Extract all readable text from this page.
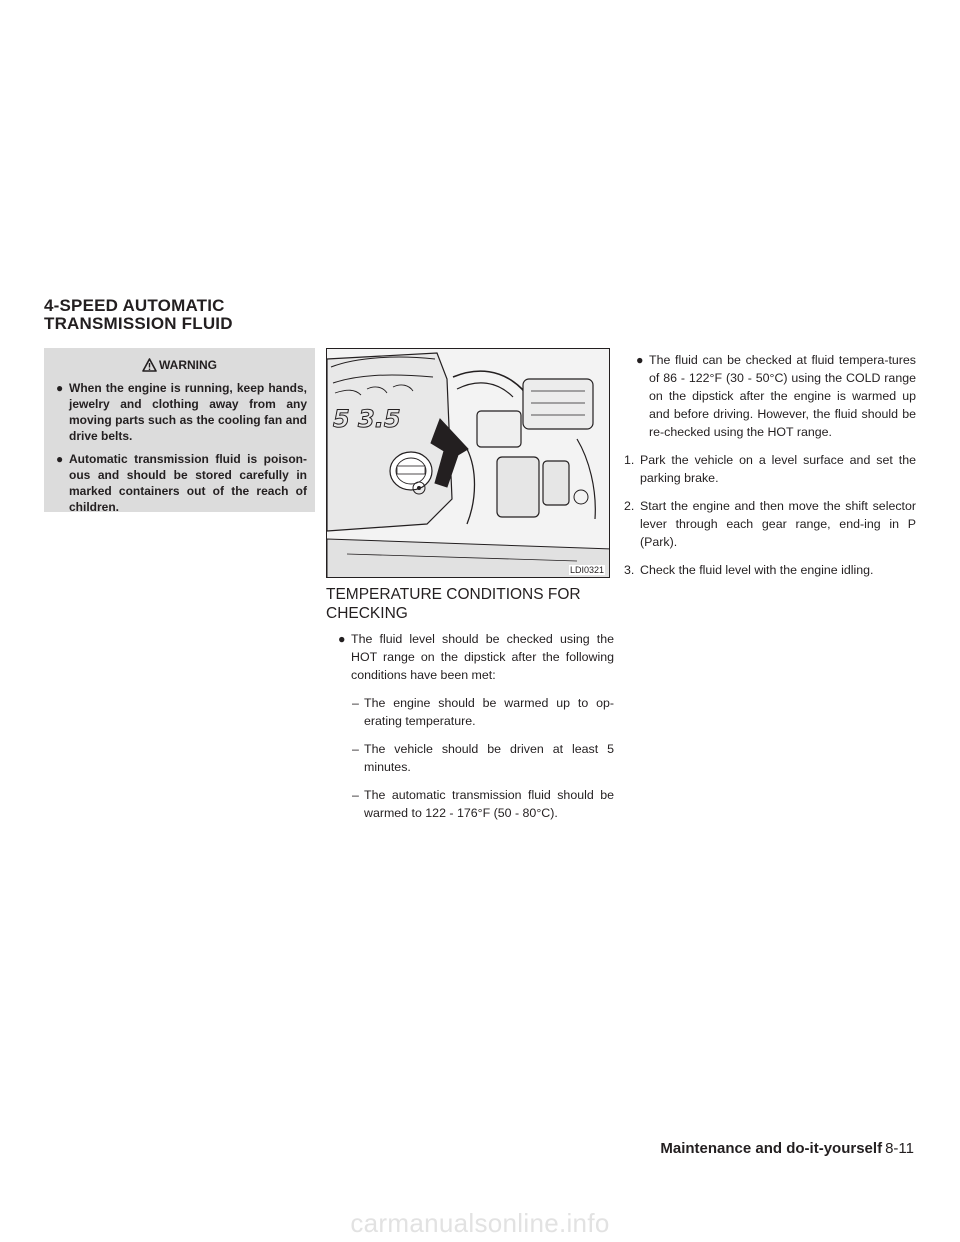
4-SPEED AUTOMATIC
TRANSMISSION FLUID
WARNING
● When the engine is running, keep hands, jewelry and clothing away from any moving parts such as the cooling fan and drive belts.
● Automatic transmission fluid is poison-ous and should be stored carefully in marked containers out of the reach of children.
5 3.5
LDI0321
TEMPERATURE CONDITIONS FOR CHECKING

● The fluid level should be checked using the HOT range on the dipstick after the following conditions have been met:

– The engine should be warmed up to op-erating temperature.

– The vehicle should be driven at least 5 minutes.

– The automatic transmission fluid should be warmed to 122 - 176°F (50 - 80°C).

● The fluid can be checked at fluid tempera-tures of 86 - 122°F (30 - 50°C) using the COLD range on the dipstick after the engine is warmed up and before driving. However, the fluid should be re-checked using the HOT range.

1. Park the vehicle on a level surface and set the parking brake.

2. Start the engine and then move the shift selector lever through each gear range, end-ing in P (Park).

3. Check the fluid level with the engine idling.

Maintenance and do-it-yourself 8-11
carmanualsonline.info
